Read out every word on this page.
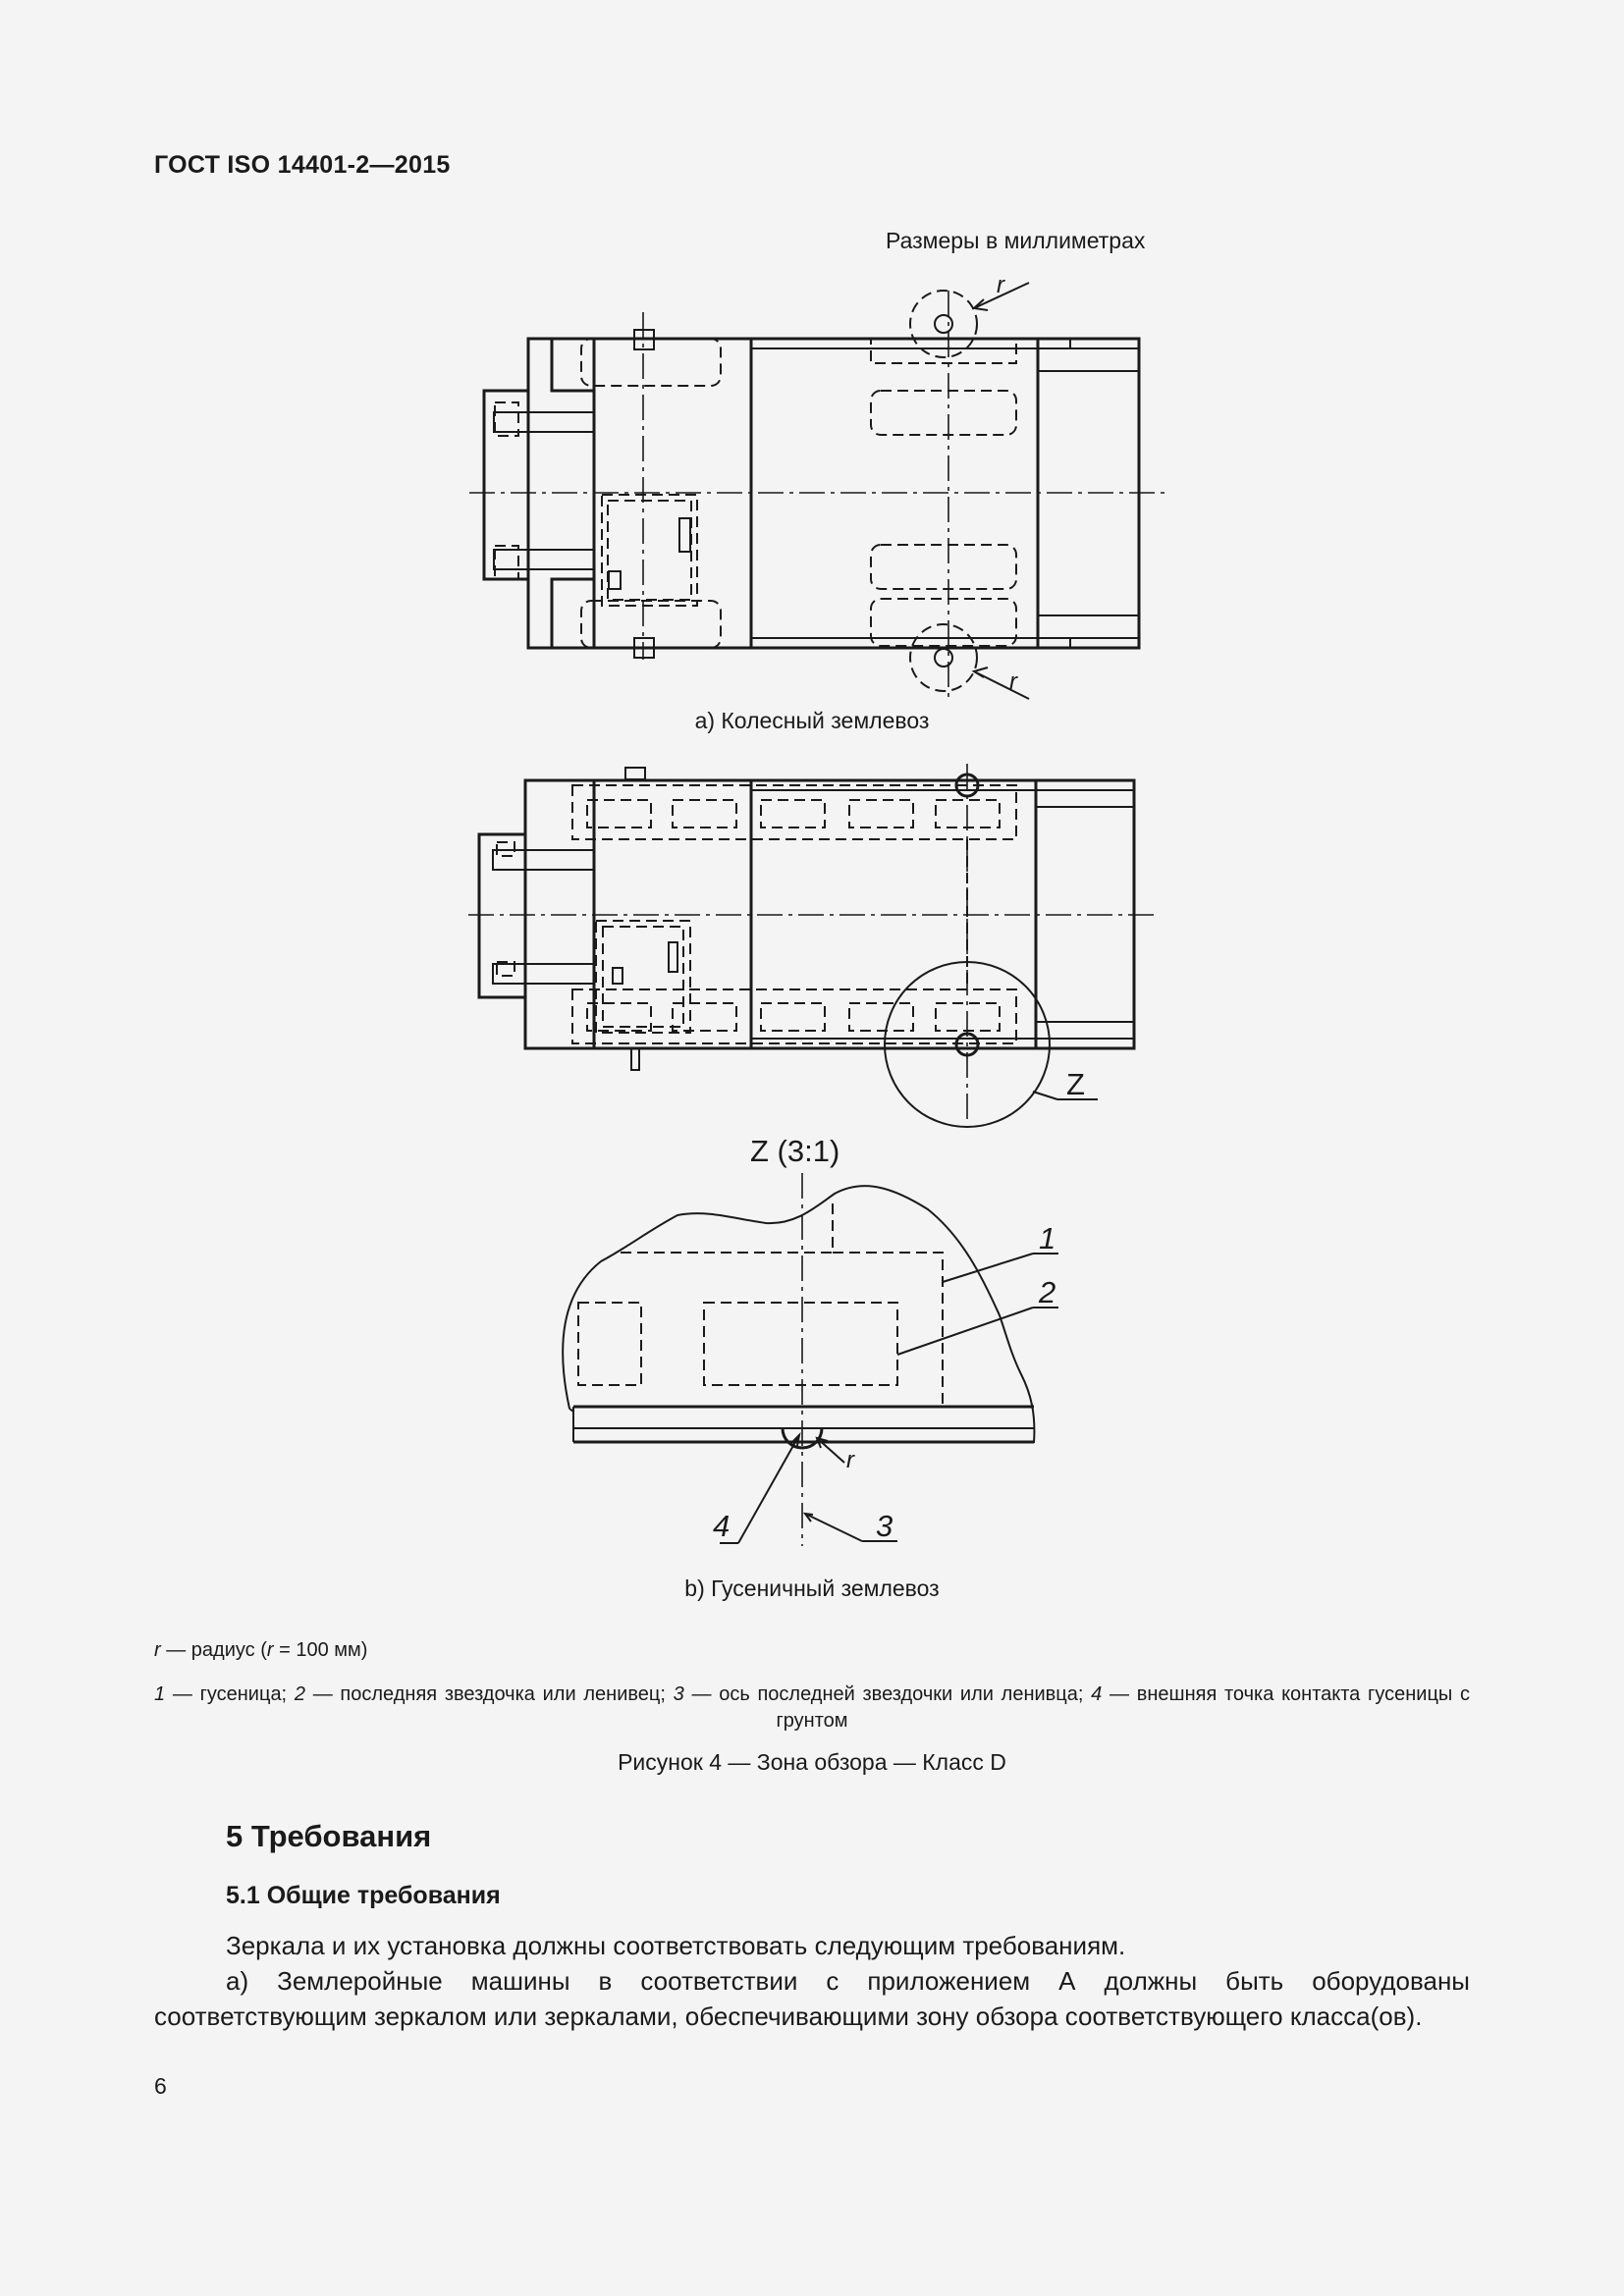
ГОСТ ISO 14401-2—2015
Размеры в миллиметрах
r
r
Z
Z (3:1)
r
1
2
3
4
a) Колесный землевоз
b) Гусеничный землевоз
r — радиус (r = 100 мм)
1 — гусеница; 2 — последняя звездочка или ленивец; 3 — ось последней звездочки или ленивца; 4 — внешняя точка контакта гусеницы с грунтом
Рисунок 4 — Зона обзора — Класс D
5 Требования
5.1 Общие требования
Зеркала и их установка должны соответствовать следующим требованиям.
a) Землеройные машины в соответствии с приложением А должны быть оборудованы соответствующим зеркалом или зеркалами, обеспечивающими зону обзора соответствующего класса(ов).
6
